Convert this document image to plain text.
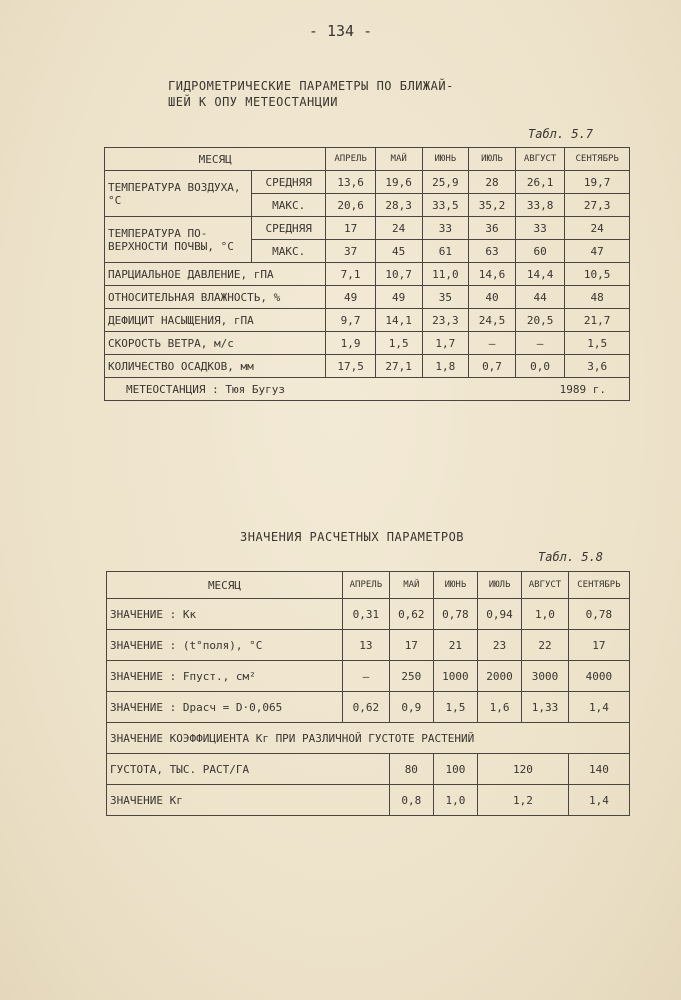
- 134 -
ГИДРОМЕТРИЧЕСКИЕ ПАРАМЕТРЫ ПО БЛИЖАЙ-
ШЕЙ К ОПУ МЕТЕОСТАНЦИИ
Табл. 5.7
МЕСЯЦ		АПРЕЛЬ	МАЙ	ИЮНЬ	ИЮЛЬ	АВГУСТ	СЕНТЯБРЬ
ТЕМПЕРАТУРА ВОЗДУХА, °С	СРЕДНЯЯ	13,6	19,6	25,9	28	26,1	19,7
	МАКС.	20,6	28,3	33,5	35,2	33,8	27,3
ТЕМПЕРАТУРА ПО- ВЕРХНОСТИ ПОЧВЫ, °С	СРЕДНЯЯ	17	24	33	36	33	24
	МАКС.	37	45	61	63	60	47
ПАРЦИАЛЬНОЕ ДАВЛЕНИЕ, гПА		7,1	10,7	11,0	14,6	14,4	10,5
ОТНОСИТЕЛЬНАЯ ВЛАЖНОСТЬ, %		49	49	35	40	44	48
ДЕФИЦИТ НАСЫЩЕНИЯ, гПА		9,7	14,1	23,3	24,5	20,5	21,7
СКОРОСТЬ ВЕТРА, м/с		1,9	1,5	1,7	—	—	1,5
КОЛИЧЕСТВО ОСАДКОВ, мм		17,5	27,1	1,8	0,7	0,0	3,6
МЕТЕОСТАНЦИЯ : Тюя Бугуз 1989 г.							
ЗНАЧЕНИЯ РАСЧЕТНЫХ ПАРАМЕТРОВ
Табл. 5.8
МЕСЯЦ	АПРЕЛЬ	МАЙ	ИЮНЬ	ИЮЛЬ	АВГУСТ	СЕНТЯБРЬ
ЗНАЧЕНИЕ : Kк	0,31	0,62	0,78	0,94	1,0	0,78
ЗНАЧЕНИЕ : (t°поля), °С	13	17	21	23	22	17
ЗНАЧЕНИЕ : Fпуст., см²	—	250	1000	2000	3000	4000
ЗНАЧЕНИЕ : Dрасч = D·0,065	0,62	0,9	1,5	1,6	1,33	1,4
ЗНАЧЕНИЕ КОЭФФИЦИЕНТА Kг ПРИ РАЗЛИЧНОЙ ГУСТОТЕ РАСТЕНИЙ						
ГУСТОТА, ТЫС. РАСТ/ГА		80	100	120		140
ЗНАЧЕНИЕ Kг		0,8	1,0	1,2		1,4
